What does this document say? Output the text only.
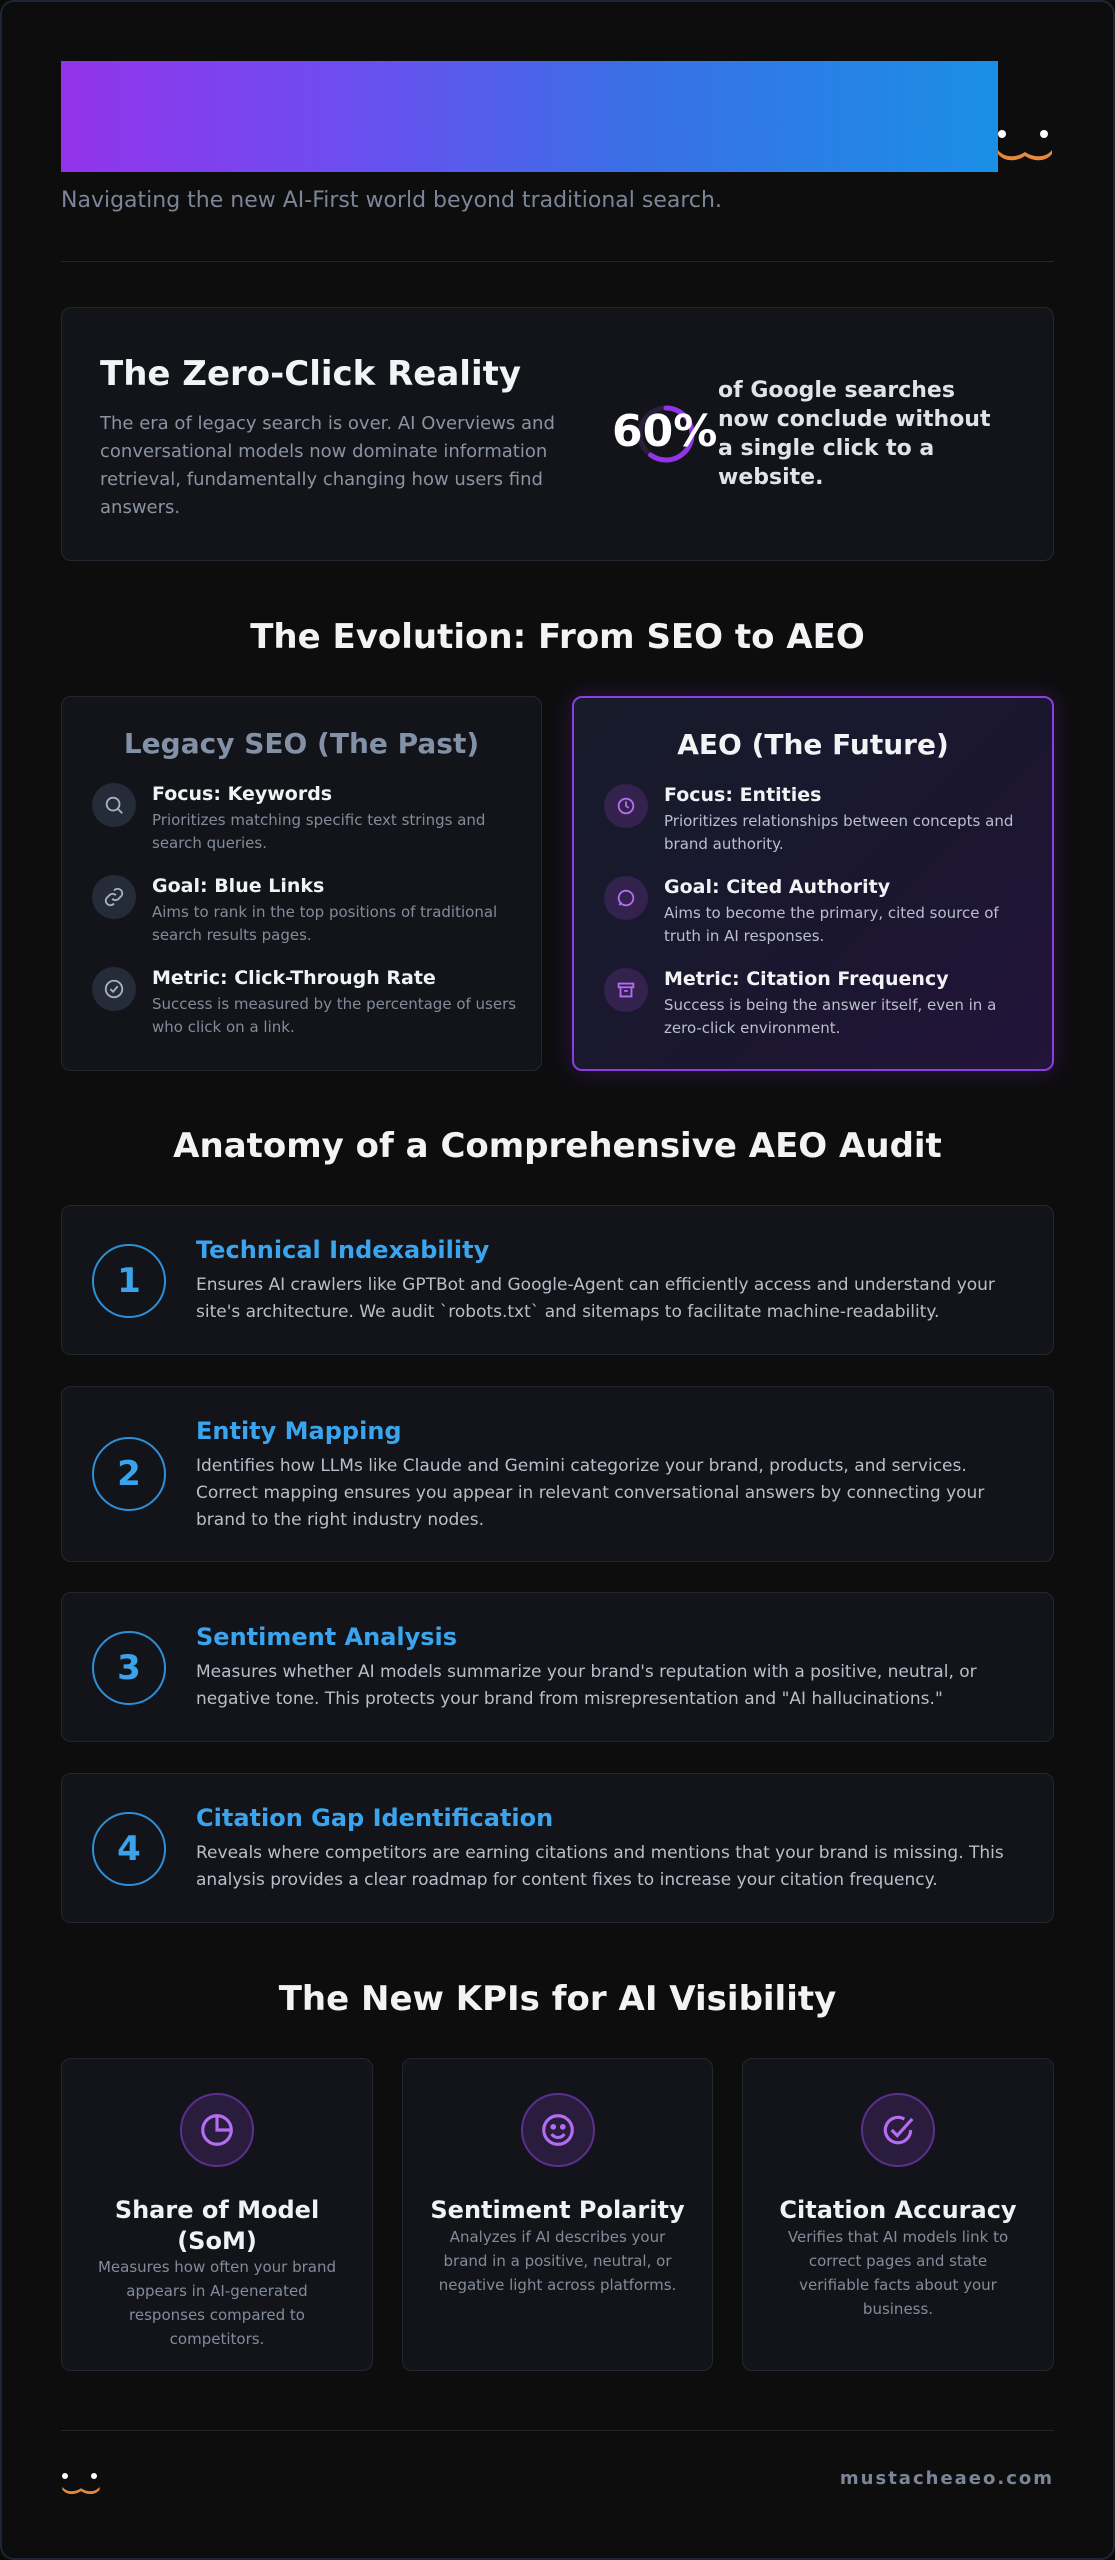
Navigating the new AI-First world beyond traditional search.
The Zero-Click Reality
The era of legacy search is over. AI Overviews and conversational models now dominate information retrieval, fundamentally changing how users find answers.
60%
of Google searches now conclude without a single click to a website.
The Evolution: From SEO to AEO
Legacy SEO (The Past)
Focus: Keywords
Prioritizes matching specific text strings and search queries.
Goal: Blue Links
Aims to rank in the top positions of traditional search results pages.
Metric: Click-Through Rate
Success is measured by the percentage of users who click on a link.
AEO (The Future)
Focus: Entities
Prioritizes relationships between concepts and brand authority.
Goal: Cited Authority
Aims to become the primary, cited source of truth in AI responses.
Metric: Citation Frequency
Success is being the answer itself, even in a zero-click environment.
Anatomy of a Comprehensive AEO Audit
1
Technical Indexability
Ensures AI crawlers like GPTBot and Google-Agent can efficiently access and understand your site's architecture. We audit `robots.txt` and sitemaps to facilitate machine-readability.
2
Entity Mapping
Identifies how LLMs like Claude and Gemini categorize your brand, products, and services. Correct mapping ensures you appear in relevant conversational answers by connecting your brand to the right industry nodes.
3
Sentiment Analysis
Measures whether AI models summarize your brand's reputation with a positive, neutral, or negative tone. This protects your brand from misrepresentation and "AI hallucinations."
4
Citation Gap Identification
Reveals where competitors are earning citations and mentions that your brand is missing. This analysis provides a clear roadmap for content fixes to increase your citation frequency.
The New KPIs for AI Visibility
Share of Model (SoM)
Measures how often your brand appears in AI-generated responses compared to competitors.
Sentiment Polarity
Analyzes if AI describes your brand in a positive, neutral, or negative light across platforms.
Citation Accuracy
Verifies that AI models link to correct pages and state verifiable facts about your business.
mustacheaeo.com
